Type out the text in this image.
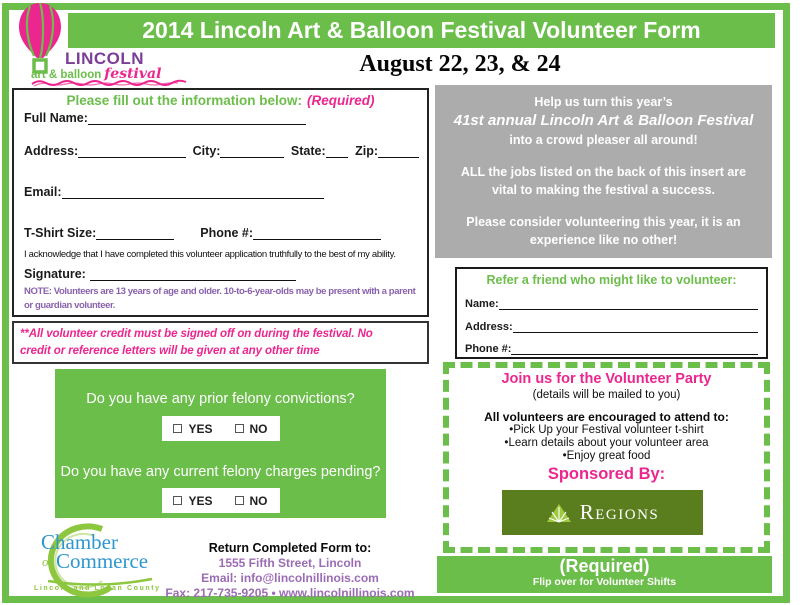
LINCOLN
art & balloon festival
2014 Lincoln Art & Balloon Festival Volunteer Form
August 22, 23, & 24
Please fill out the information below: (Required)
Full Name:
Address:	City:	State: Zip:
Email:
T-Shirt Size:	Phone #:
I acknowledge that I have completed this volunteer application truthfully to the best of my ability.
Signature:
NOTE: Volunteers are 13 years of age and older. 10-to-6-year-olds may be present with a parent or guardian volunteer.
**All volunteer credit must be signed off on during the festival. No
credit or reference letters will be given at any other time
Do you have any prior felony convictions?
YES	NO
Do you have any current felony charges pending?
YES	NO
Chamber
of Commerce
Lincoln and Logan County
Return Completed Form to:
1555 Fifth Street, Lincoln
Email: info@lincolnillinois.com
Fax: 217-735-9205 • www.lincolnillinois.com
Help us turn this year’s
41st annual Lincoln Art & Balloon Festival
into a crowd pleaser all around!
ALL the jobs listed on the back of this insert are
vital to making the festival a success.
Please consider volunteering this year, it is an
experience like no other!
Refer a friend who might like to volunteer:
Name:
Address:
Phone #:
Join us for the Volunteer Party
(details will be mailed to you)
All volunteers are encouraged to attend to:
•Pick Up your Festival volunteer t-shirt
•Learn details about your volunteer area
•Enjoy great food
Sponsored By:
Regions
(Required)
Flip over for Volunteer Shifts
